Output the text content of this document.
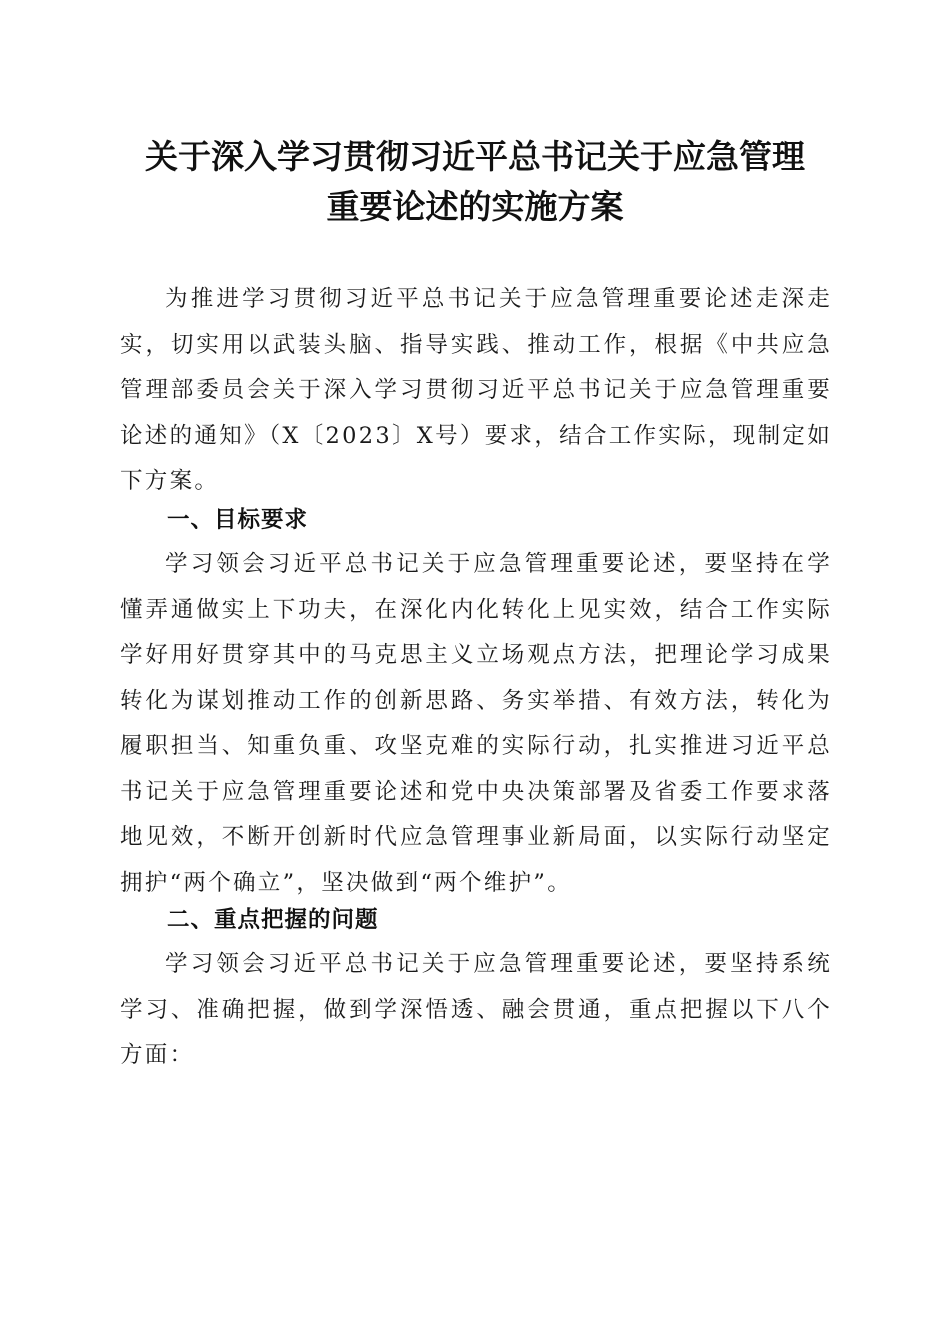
关于深入学习贯彻习近平总书记关于应急管理
重要论述的实施方案

为推进学习贯彻习近平总书记关于应急管理重要论述走深走实，切实用以武装头脑、指导实践、推动工作，根据《中共应急管理部委员会关于深入学习贯彻习近平总书记关于应急管理重要论述的通知》（X〔2023〕X号）要求，结合工作实际，现制定如下方案。

一、目标要求

学习领会习近平总书记关于应急管理重要论述，要坚持在学懂弄通做实上下功夫，在深化内化转化上见实效，结合工作实际学好用好贯穿其中的马克思主义立场观点方法，把理论学习成果转化为谋划推动工作的创新思路、务实举措、有效方法，转化为履职担当、知重负重、攻坚克难的实际行动，扎实推进习近平总书记关于应急管理重要论述和党中央决策部署及省委工作要求落地见效，不断开创新时代应急管理事业新局面，以实际行动坚定拥护“两个确立”，坚决做到“两个维护”。

二、重点把握的问题

学习领会习近平总书记关于应急管理重要论述，要坚持系统学习、准确把握，做到学深悟透、融会贯通，重点把握以下八个方面：
